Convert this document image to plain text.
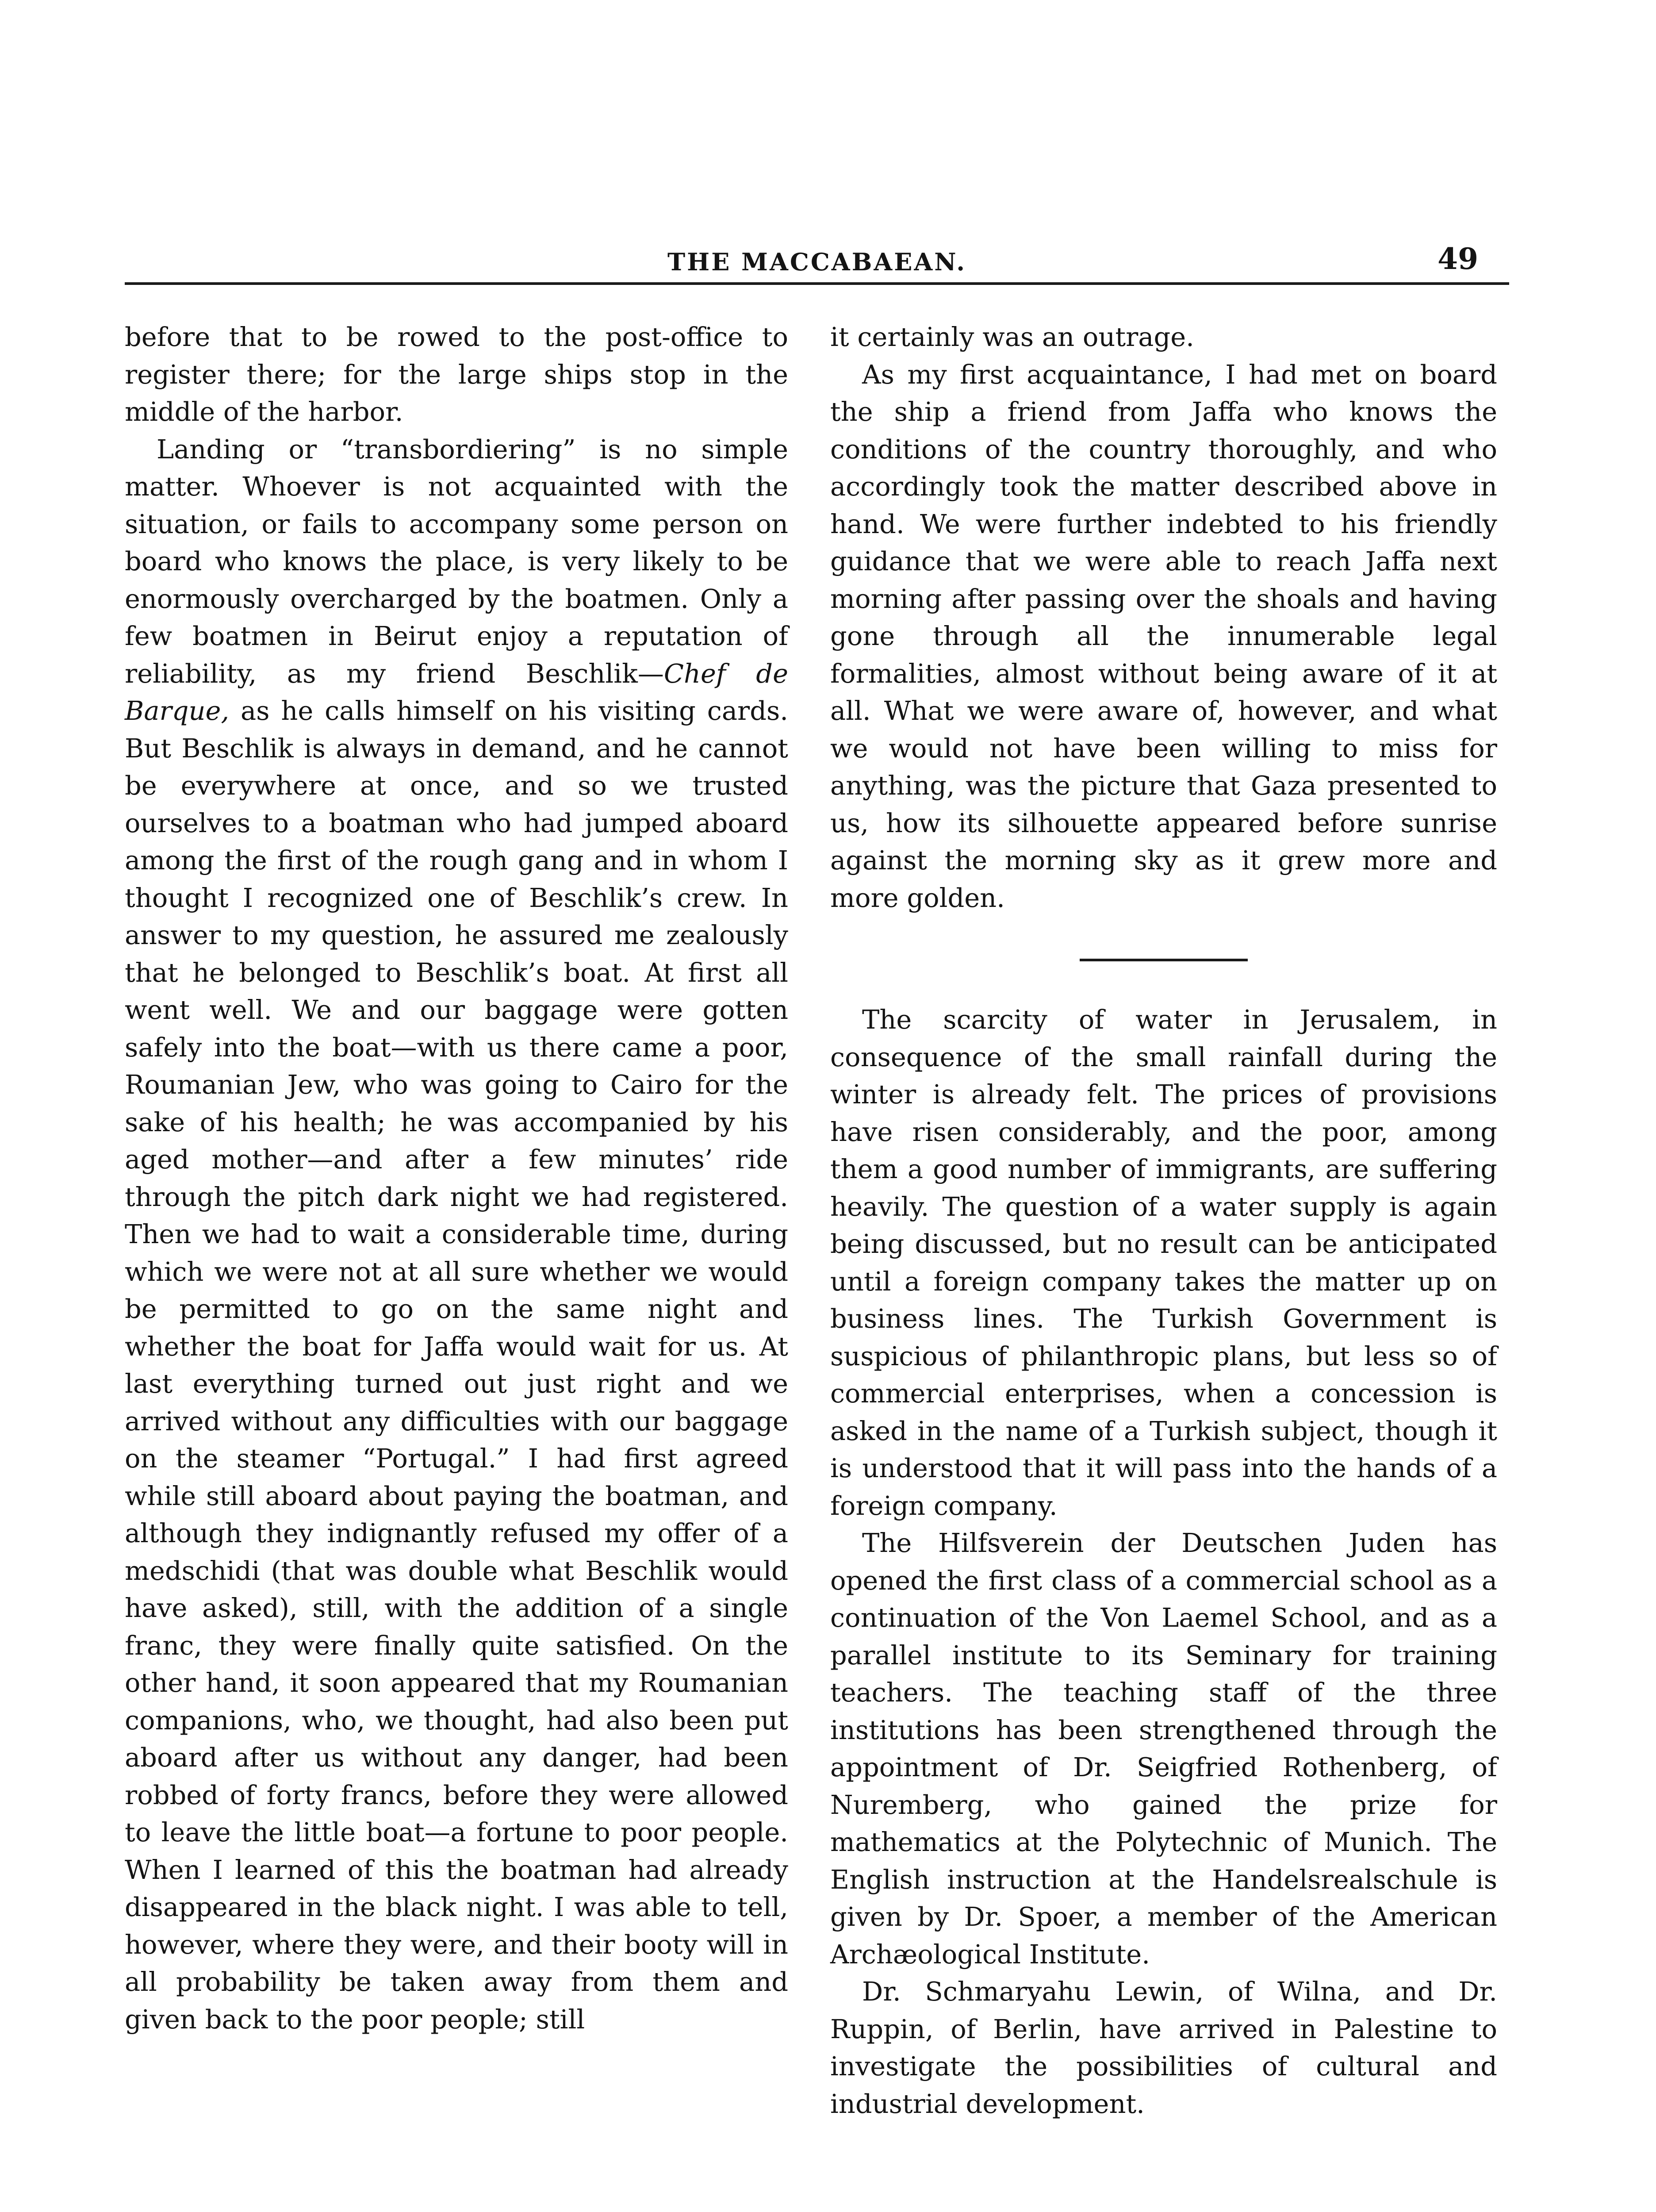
THE MACCABAEAN.	49

before that to be rowed to the post-office to register there; for the large ships stop in the middle of the harbor.

Landing or “transbordiering” is no simple matter. Whoever is not acquainted with the situation, or fails to accompany some person on board who knows the place, is very likely to be enormously overcharged by the boatmen. Only a few boatmen in Beirut enjoy a reputation of reliability, as my friend Beschlik—Chef de Barque, as he calls himself on his visiting cards. But Beschlik is always in demand, and he cannot be everywhere at once, and so we trusted ourselves to a boatman who had jumped aboard among the first of the rough gang and in whom I thought I recognized one of Beschlik’s crew. In answer to my question, he assured me zealously that he belonged to Beschlik’s boat. At first all went well. We and our baggage were gotten safely into the boat—with us there came a poor, Roumanian Jew, who was going to Cairo for the sake of his health; he was accompanied by his aged mother—and after a few minutes’ ride through the pitch dark night we had registered. Then we had to wait a considerable time, during which we were not at all sure whether we would be permitted to go on the same night and whether the boat for Jaffa would wait for us. At last everything turned out just right and we arrived without any difficulties with our baggage on the steamer “Portugal.” I had first agreed while still aboard about paying the boatman, and although they indignantly refused my offer of a medschidi (that was double what Beschlik would have asked), still, with the addition of a single franc, they were finally quite satisfied. On the other hand, it soon appeared that my Roumanian companions, who, we thought, had also been put aboard after us without any danger, had been robbed of forty francs, before they were allowed to leave the little boat—a fortune to poor people. When I learned of this the boatman had already disappeared in the black night. I was able to tell, however, where they were, and their booty will in all probability be taken away from them and given back to the poor people; still

it certainly was an outrage.

As my first acquaintance, I had met on board the ship a friend from Jaffa who knows the conditions of the country thoroughly, and who accordingly took the matter described above in hand. We were further indebted to his friendly guidance that we were able to reach Jaffa next morning after passing over the shoals and having gone through all the innumerable legal formalities, almost without being aware of it at all. What we were aware of, however, and what we would not have been willing to miss for anything, was the picture that Gaza presented to us, how its silhouette appeared before sunrise against the morning sky as it grew more and more golden.

The scarcity of water in Jerusalem, in consequence of the small rainfall during the winter is already felt. The prices of provisions have risen considerably, and the poor, among them a good number of immigrants, are suffering heavily. The question of a water supply is again being discussed, but no result can be anticipated until a foreign company takes the matter up on business lines. The Turkish Government is suspicious of philanthropic plans, but less so of commercial enterprises, when a concession is asked in the name of a Turkish subject, though it is understood that it will pass into the hands of a foreign company.

The Hilfsverein der Deutschen Juden has opened the first class of a commercial school as a continuation of the Von Laemel School, and as a parallel institute to its Seminary for training teachers. The teaching staff of the three institutions has been strengthened through the appointment of Dr. Seigfried Rothenberg, of Nuremberg, who gained the prize for mathematics at the Polytechnic of Munich. The English instruction at the Handelsrealschule is given by Dr. Spoer, a member of the American Archæological Institute.

Dr. Schmaryahu Lewin, of Wilna, and Dr. Ruppin, of Berlin, have arrived in Palestine to investigate the possibilities of cultural and industrial development.
